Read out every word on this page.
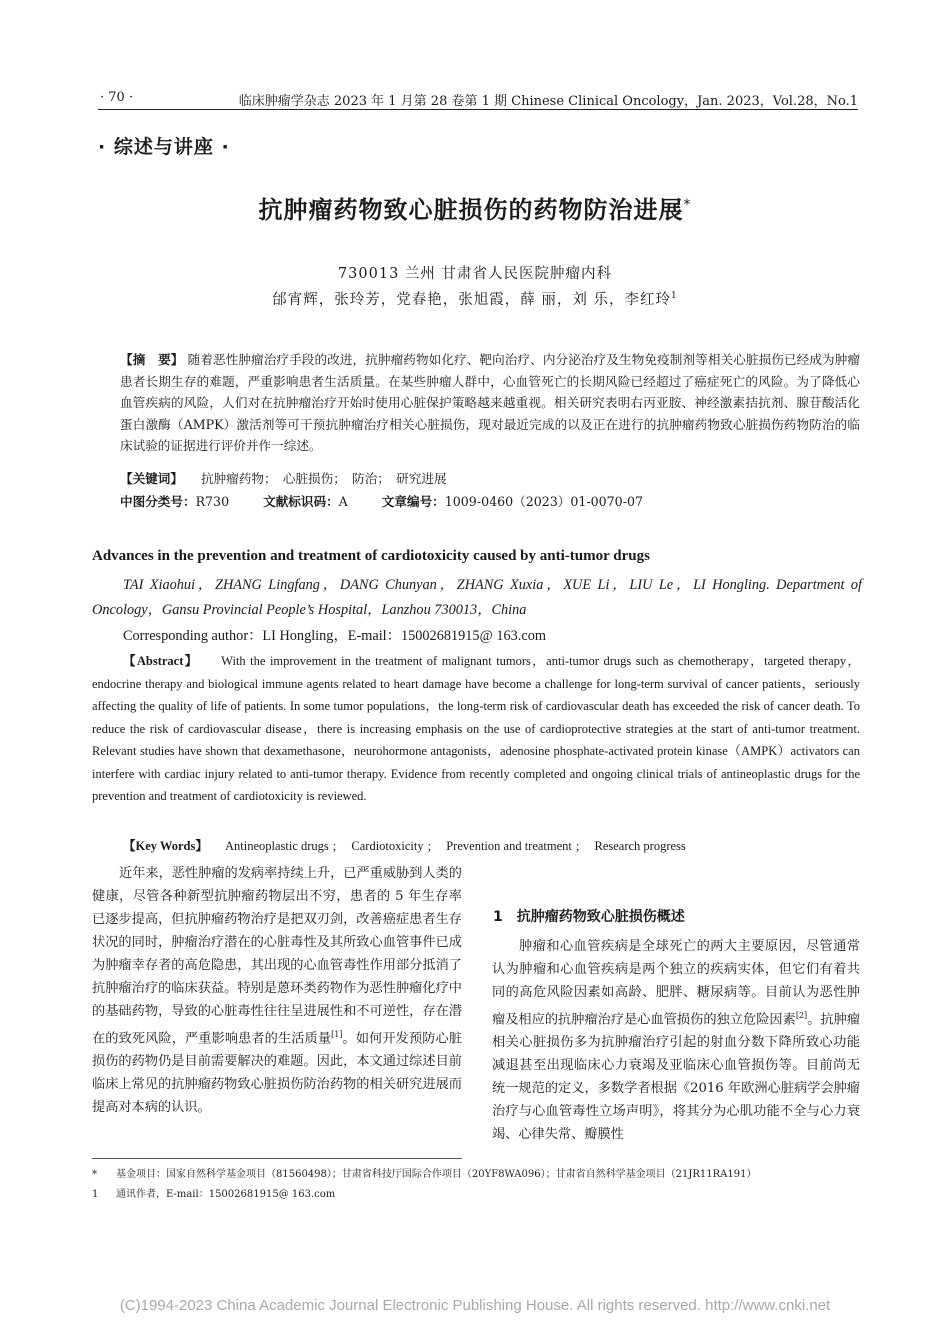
· 70 ·	临床肿瘤学杂志 2023 年 1 月第 28 卷第 1 期 Chinese Clinical Oncology，Jan. 2023，Vol.28，No.1
· 综述与讲座 ·
抗肿瘤药物致心脏损伤的药物防治进展*
730013 兰州 甘肃省人民医院肿瘤内科
邰宵辉，张玲芳，党春艳，张旭霞，薛 丽，刘 乐，李红玲$^1$
【摘　要】 随着恶性肿瘤治疗手段的改进，抗肿瘤药物如化疗、靶向治疗、内分泌治疗及生物免疫制剂等相关心脏损伤已经成为肿瘤患者长期生存的难题，严重影响患者生活质量。在某些肿瘤人群中，心血管死亡的长期风险已经超过了癌症死亡的风险。为了降低心血管疾病的风险，人们对在抗肿瘤治疗开始时使用心脏保护策略越来越重视。相关研究表明右丙亚胺、神经激素拮抗剂、腺苷酸活化蛋白激酶（AMPK）激活剂等可干预抗肿瘤治疗相关心脏损伤，现对最近完成的以及正在进行的抗肿瘤药物致心脏损伤药物防治的临床试验的证据进行评价并作一综述。
【关键词】 抗肿瘤药物；　心脏损伤；　防治；　研究进展
中图分类号：R730	文献标识码：A	文章编号：1009-0460（2023）01-0070-07
Advances in the prevention and treatment of cardiotoxicity caused by anti-tumor drugs
TAI Xiaohui，ZHANG Lingfang，DANG Chunyan，ZHANG Xuxia，XUE Li，LIU Le，LI Hongling. Department of Oncology，Gansu Provincial People’s Hospital，Lanzhou 730013，China
Corresponding author：LI Hongling，E-mail：15002681915@ 163.com
【Abstract】 With the improvement in the treatment of malignant tumors，anti-tumor drugs such as chemotherapy，targeted therapy，endocrine therapy and biological immune agents related to heart damage have become a challenge for long-term survival of cancer patients，seriously affecting the quality of life of patients. In some tumor populations，the long-term risk of cardiovascular death has exceeded the risk of cancer death. To reduce the risk of cardiovascular disease，there is increasing emphasis on the use of cardioprotective strategies at the start of anti-tumor treatment. Relevant studies have shown that dexamethasone，neurohormone antagonists，adenosine phosphate-activated protein kinase（AMPK）activators can interfere with cardiac injury related to anti-tumor therapy. Evidence from recently completed and ongoing clinical trials of antineoplastic drugs for the prevention and treatment of cardiotoxicity is reviewed.
【Key Words】 Antineoplastic drugs ; Cardiotoxicity ; Prevention and treatment ; Research progress
近年来，恶性肿瘤的发病率持续上升，已严重威胁到人类的健康，尽管各种新型抗肿瘤药物层出不穷，患者的 5 年生存率已逐步提高，但抗肿瘤药物治疗是把双刃剑，改善癌症患者生存状况的同时，肿瘤治疗潜在的心脏毒性及其所致心血管事件已成为肿瘤幸存者的高危隐患，其出现的心血管毒性作用部分抵消了抗肿瘤治疗的临床获益。特别是蒽环类药物作为恶性肿瘤化疗中的基础药物，导致的心脏毒性往往呈进展性和不可逆性，存在潜在的致死风险，严重影响患者的生活质量[1]。如何开发预防心脏损伤的药物仍是目前需要解决的难题。因此，本文通过综述目前临床上常见的抗肿瘤药物致心脏损伤防治药物的相关研究进展而提高对本病的认识。
1　抗肿瘤药物致心脏损伤概述
肿瘤和心血管疾病是全球死亡的两大主要原因，尽管通常认为肿瘤和心血管疾病是两个独立的疾病实体，但它们有着共同的高危风险因素如高龄、肥胖、糖尿病等。目前认为恶性肿瘤及相应的抗肿瘤治疗是心血管损伤的独立危险因素[2]。抗肿瘤相关心脏损伤多为抗肿瘤治疗引起的射血分数下降所致心功能减退甚至出现临床心力衰竭及亚临床心血管损伤等。目前尚无统一规范的定义，多数学者根据《2016 年欧洲心脏病学会肿瘤治疗与心血管毒性立场声明》，将其分为心肌功能不全与心力衰竭、心律失常、瓣膜性
* 基金项目：国家自然科学基金项目（81560498）；甘肃省科技厅国际合作项目（20YF8WA096）；甘肃省自然科学基金项目（21JR11RA191）
1 通讯作者，E-mail：15002681915@ 163.com
(C)1994-2023 China Academic Journal Electronic Publishing House. All rights reserved. http://www.cnki.net
